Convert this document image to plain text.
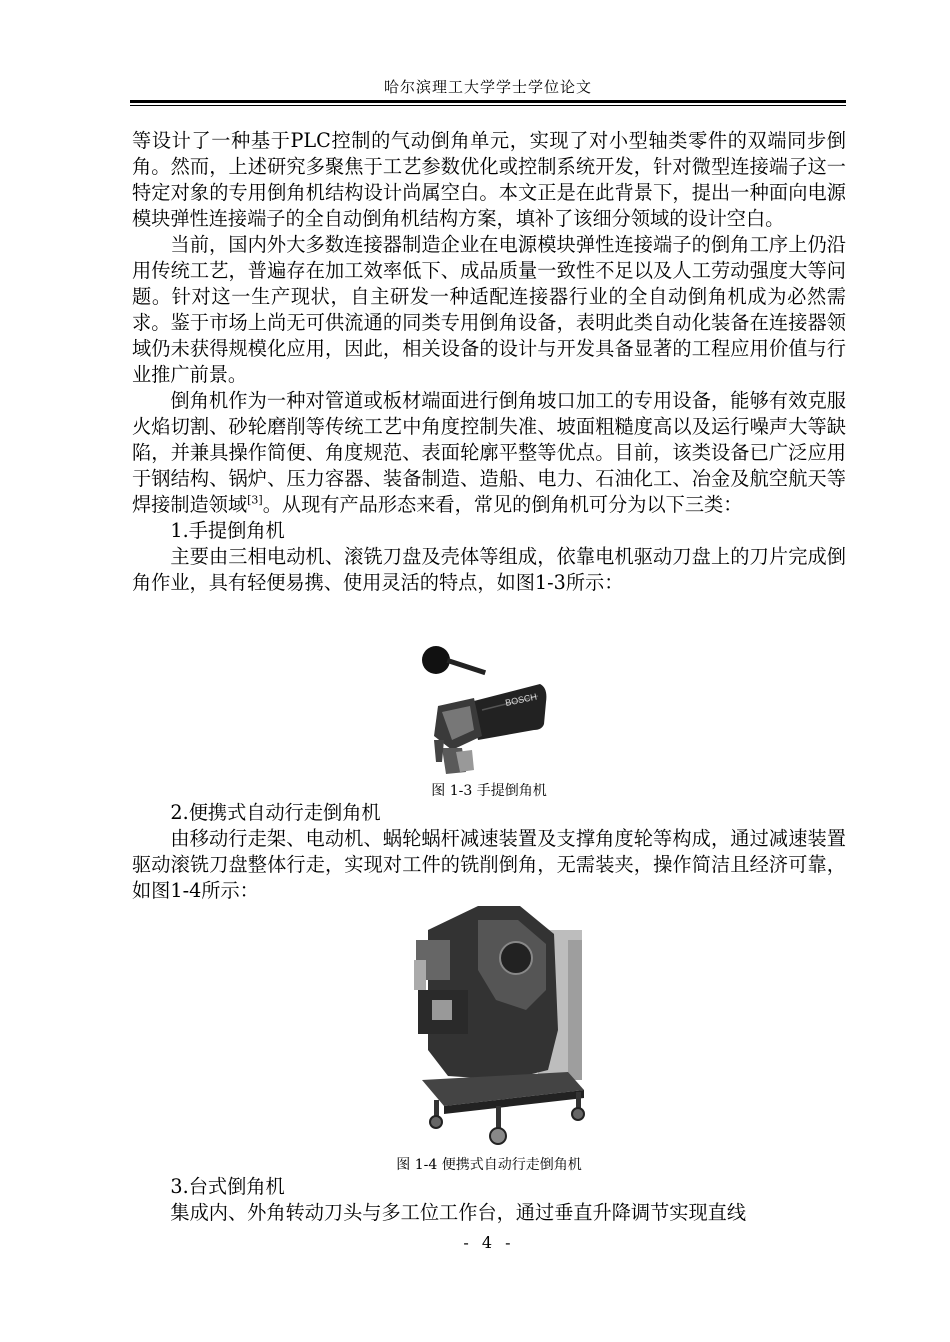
哈尔滨理工大学学士学位论文

等设计了一种基于PLC控制的气动倒角单元，实现了对小型轴类零件的双端同步倒角。然而，上述研究多聚焦于工艺参数优化或控制系统开发，针对微型连接端子这一特定对象的专用倒角机结构设计尚属空白。本文正是在此背景下，提出一种面向电源模块弹性连接端子的全自动倒角机结构方案，填补了该细分领域的设计空白。

当前，国内外大多数连接器制造企业在电源模块弹性连接端子的倒角工序上仍沿用传统工艺，普遍存在加工效率低下、成品质量一致性不足以及人工劳动强度大等问题。针对这一生产现状，自主研发一种适配连接器行业的全自动倒角机成为必然需求。鉴于市场上尚无可供流通的同类专用倒角设备，表明此类自动化装备在连接器领域仍未获得规模化应用，因此，相关设备的设计与开发具备显著的工程应用价值与行业推广前景。

倒角机作为一种对管道或板材端面进行倒角坡口加工的专用设备，能够有效克服火焰切割、砂轮磨削等传统工艺中角度控制失准、坡面粗糙度高以及运行噪声大等缺陷，并兼具操作简便、角度规范、表面轮廓平整等优点。目前，该类设备已广泛应用于钢结构、锅炉、压力容器、装备制造、造船、电力、石油化工、冶金及航空航天等焊接制造领域[3]。从现有产品形态来看，常见的倒角机可分为以下三类：

1.手提倒角机

主要由三相电动机、滚铣刀盘及壳体等组成，依靠电机驱动刀盘上的刀片完成倒角作业，具有轻便易携、使用灵活的特点，如图1-3所示：

BOSCH
图 1-3 手提倒角机

2.便携式自动行走倒角机

由移动行走架、电动机、蜗轮蜗杆减速装置及支撑角度轮等构成，通过减速装置驱动滚铣刀盘整体行走，实现对工件的铣削倒角，无需装夹，操作简洁且经济可靠，如图1-4所示：

图 1-4 便携式自动行走倒角机

3.台式倒角机

集成内、外角转动刀头与多工位工作台，通过垂直升降调节实现直线

- 4 -
